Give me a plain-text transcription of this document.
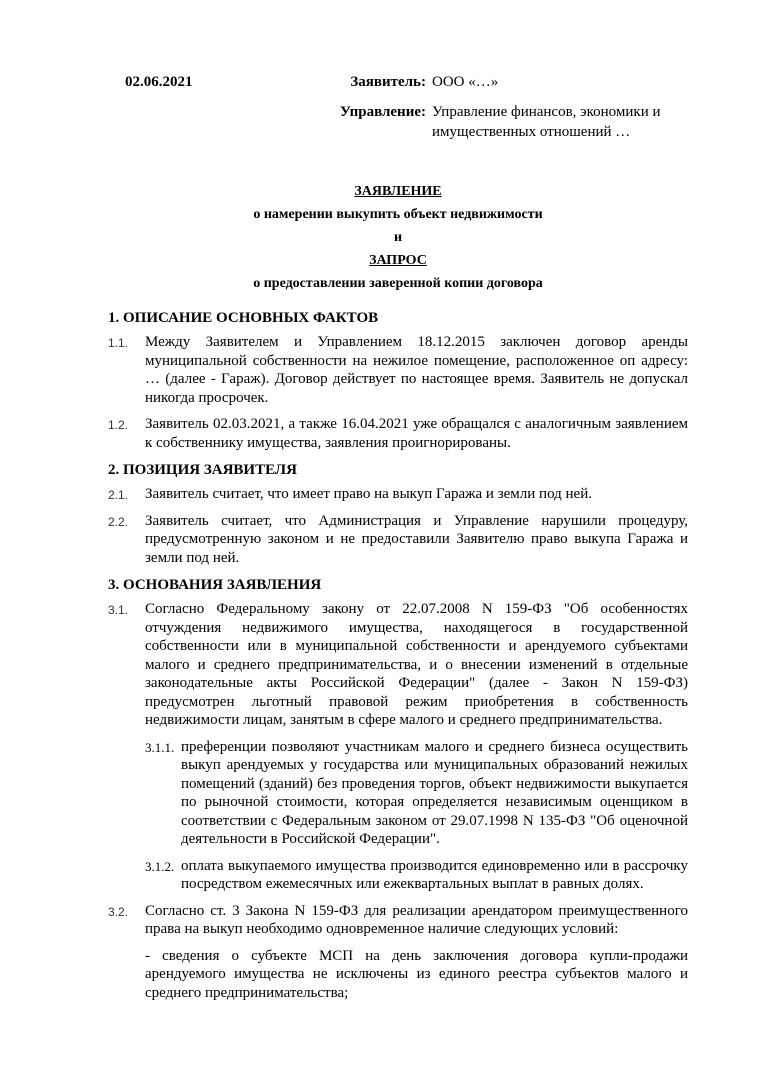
02.06.2021	Заявитель: ООО «…»
Управление: Управление финансов, экономики и имущественных отношений …
ЗАЯВЛЕНИЕ
о намерении выкупить объект недвижимости
и
ЗАПРОС
о предоставлении заверенной копии договора
1. ОПИСАНИЕ ОСНОВНЫХ ФАКТОВ
1.1. Между Заявителем и Управлением 18.12.2015 заключен договор аренды муниципальной собственности на нежилое помещение, расположенное оп адресу: … (далее - Гараж). Договор действует по настоящее время. Заявитель не допускал никогда просрочек.
1.2. Заявитель 02.03.2021, а также 16.04.2021 уже обращался с аналогичным заявлением к собственнику имущества, заявления проигнорированы.
2. ПОЗИЦИЯ ЗАЯВИТЕЛЯ
2.1. Заявитель считает, что имеет право на выкуп Гаража и земли под ней.
2.2. Заявитель считает, что Администрация и Управление нарушили процедуру, предусмотренную законом и не предоставили Заявителю право выкупа Гаража и земли под ней.
3. ОСНОВАНИЯ ЗАЯВЛЕНИЯ
3.1. Согласно Федеральному закону от 22.07.2008 N 159-ФЗ "Об особенностях отчуждения недвижимого имущества, находящегося в государственной собственности или в муниципальной собственности и арендуемого субъектами малого и среднего предпринимательства, и о внесении изменений в отдельные законодательные акты Российской Федерации" (далее - Закон N 159-ФЗ) предусмотрен льготный правовой режим приобретения в собственность недвижимости лицам, занятым в сфере малого и среднего предпринимательства.
3.1.1. преференции позволяют участникам малого и среднего бизнеса осуществить выкуп арендуемых у государства или муниципальных образований нежилых помещений (зданий) без проведения торгов, объект недвижимости выкупается по рыночной стоимости, которая определяется независимым оценщиком в соответствии с Федеральным законом от 29.07.1998 N 135-ФЗ "Об оценочной деятельности в Российской Федерации".
3.1.2. оплата выкупаемого имущества производится единовременно или в рассрочку посредством ежемесячных или ежеквартальных выплат в равных долях.
3.2. Согласно ст. 3 Закона N 159-ФЗ для реализации арендатором преимущественного права на выкуп необходимо одновременное наличие следующих условий:
- сведения о субъекте МСП на день заключения договора купли-продажи арендуемого имущества не исключены из единого реестра субъектов малого и среднего предпринимательства;
